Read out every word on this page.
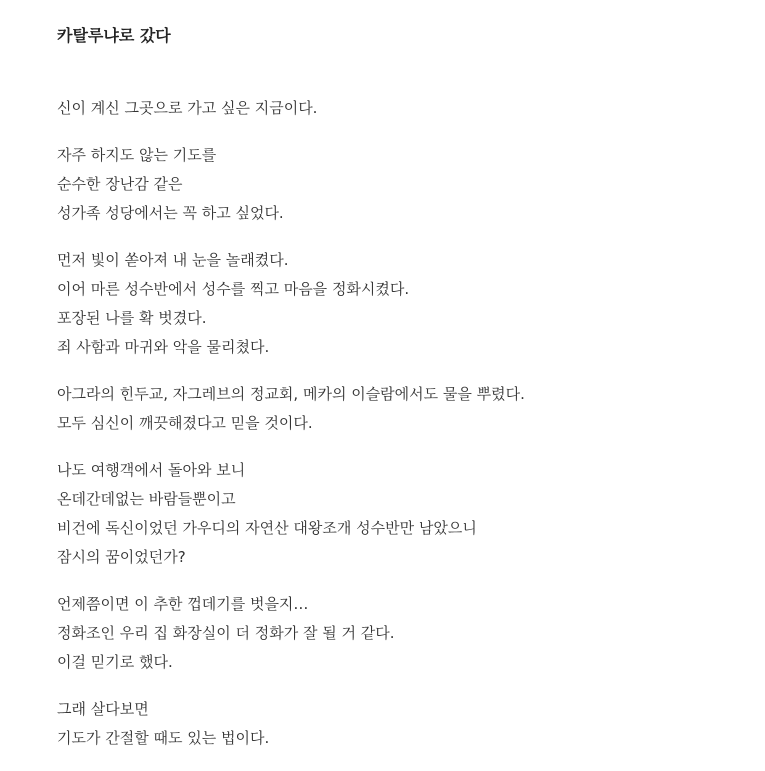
카탈루냐로 갔다
신이 계신 그곳으로 가고 싶은 지금이다.
자주 하지도 않는 기도를
순수한 장난감 같은
성가족 성당에서는 꼭 하고 싶었다.
먼저 빛이 쏟아져 내 눈을 놀래켰다.
이어 마른 성수반에서 성수를 찍고 마음을 정화시켰다.
포장된 나를 확 벗겼다.
죄 사함과 마귀와 악을 물리쳤다.
아그라의 힌두교, 자그레브의 정교회, 메카의 이슬람에서도 물을 뿌렸다.
모두 심신이 깨끗해졌다고 믿을 것이다.
나도 여행객에서 돌아와 보니
온데간데없는 바람들뿐이고
비건에 독신이었던 가우디의 자연산 대왕조개 성수반만 남았으니
잠시의 꿈이었던가?
언제쯤이면 이 추한 껍데기를 벗을지…
정화조인 우리 집 화장실이 더 정화가 잘 될 거 같다.
이걸 믿기로 했다.
그래 살다보면
기도가 간절할 때도 있는 법이다.
